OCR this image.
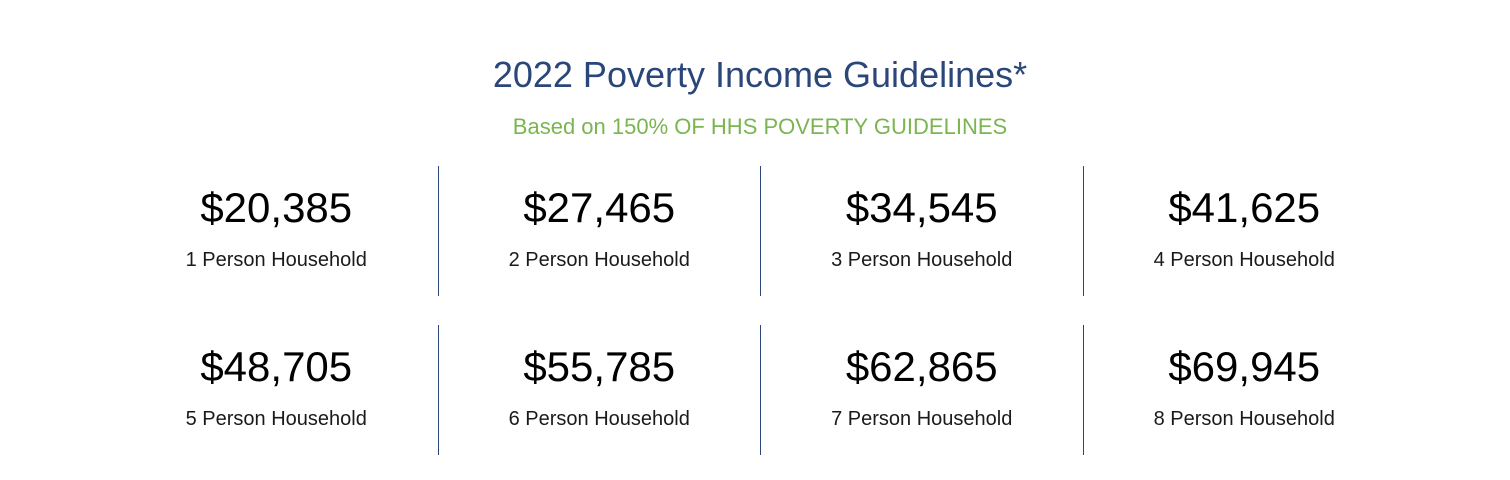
2022 Poverty Income Guidelines*
Based on 150% OF HHS POVERTY GUIDELINES
$20,385
1 Person Household
$27,465
2 Person Household
$34,545
3 Person Household
$41,625
4 Person Household
$48,705
5 Person Household
$55,785
6 Person Household
$62,865
7 Person Household
$69,945
8 Person Household
